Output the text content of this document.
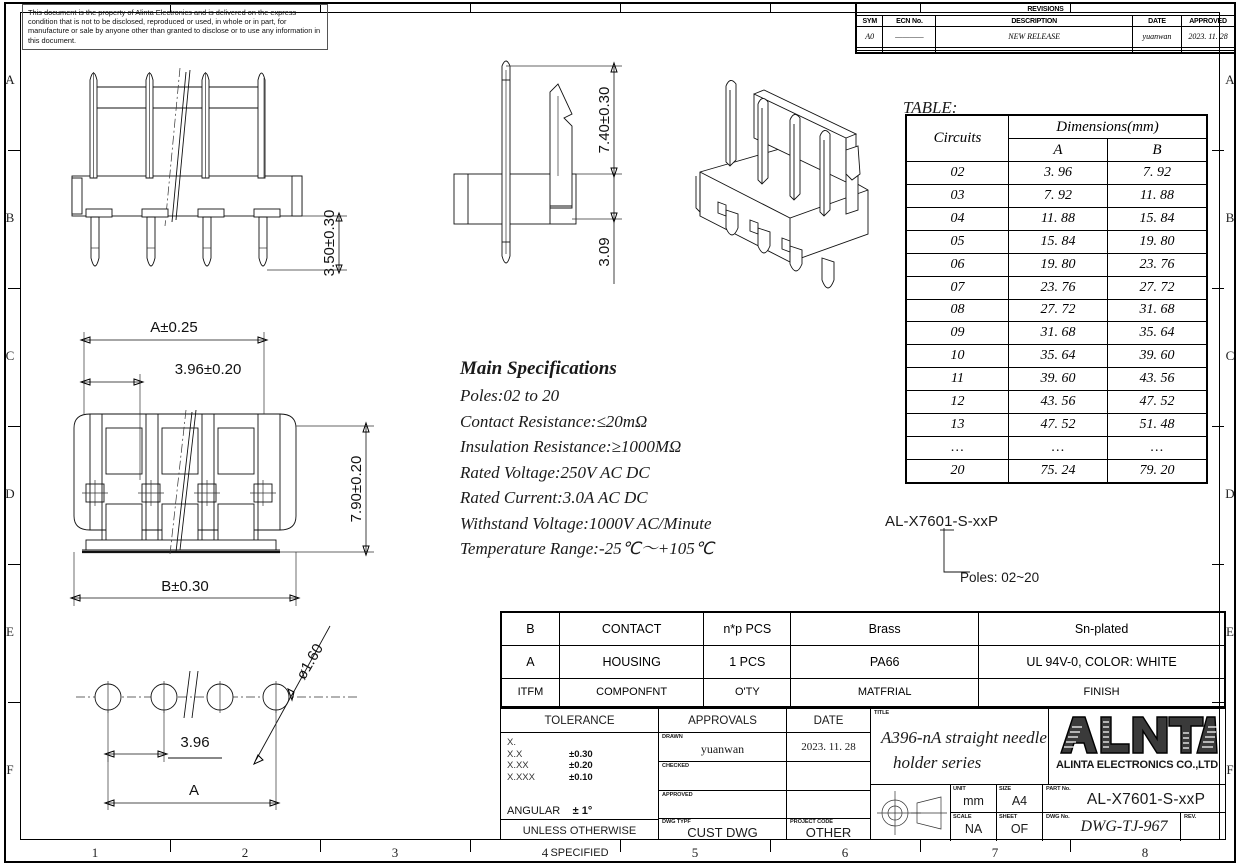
A
B
C
D
E
F
A
B
C
D
E
F
1	2	3	4	5	6	7	8
This document is the property of Alinta Electronics and is delivered on the express condition that is not to be disclosed, reproduced or used, in whole or in part, for manufacture or sale by anyone other than granted to disclose or to use any information in this document.
REVISIONS				
SYM	ECN No.	DESCRIPTION	DATE	APPROVED
A0	————	NEW RELEASE	yuanwan	2023. 11. 28

TABLE:
Circuits	Dimensions(mm)	
	A	B
02	3. 96	7. 92
03	7. 92	11. 88
04	11. 88	15. 84
05	15. 84	19. 80
06	19. 80	23. 76
07	23. 76	27. 72
08	27. 72	31. 68
09	31. 68	35. 64
10	35. 64	39. 60
11	39. 60	43. 56
12	43. 56	47. 52
13	47. 52	51. 48
…	…	…
20	75. 24	79. 20
Main Specifications
Poles:02 to 20
Contact Resistance:≤20mΩ
Insulation Resistance:≥1000MΩ
Rated Voltage:250V AC DC
Rated Current:3.0A AC DC
Withstand Voltage:1000V AC/Minute
Temperature Range:-25℃～+105℃
AL-X7601-S-xxP
Poles: 02~20
3.50±0.30
7.40±0.30
3.09
A±0.25
3.96±0.20
7.90±0.20
B±0.30
ø1.60
3.96
A
B	CONTACT	n*p PCS	Brass	Sn-plated
A	HOUSING	1 PCS	PA66	UL 94V-0, COLOR: WHITE
ITFM	COMPONFNT	O'TY	MATFRIAL	FINISH
TOLERANCE
X.
X.X	±0.30
X.XX	±0.20
X.XXX	±0.10
ANGULAR ± 1°
UNLESS OTHERWISE SPECIFIED
APPROVALS
DRAWN
yuanwan
CHECKED
APPROVED
DWG TYPF
CUST DWG
DATE
2023. 11. 28
PROJECT CODE
OTHER
TITLE
A396-nA straight needle
holder series	ALINTA ELECTRONICS CO.,LTD
UNIT
mm
SIZE
A4
SCALE
NA
SHEET
OF
PART No.
AL-X7601-S-xxP
DWG No.
DWG-TJ-967
REV.
